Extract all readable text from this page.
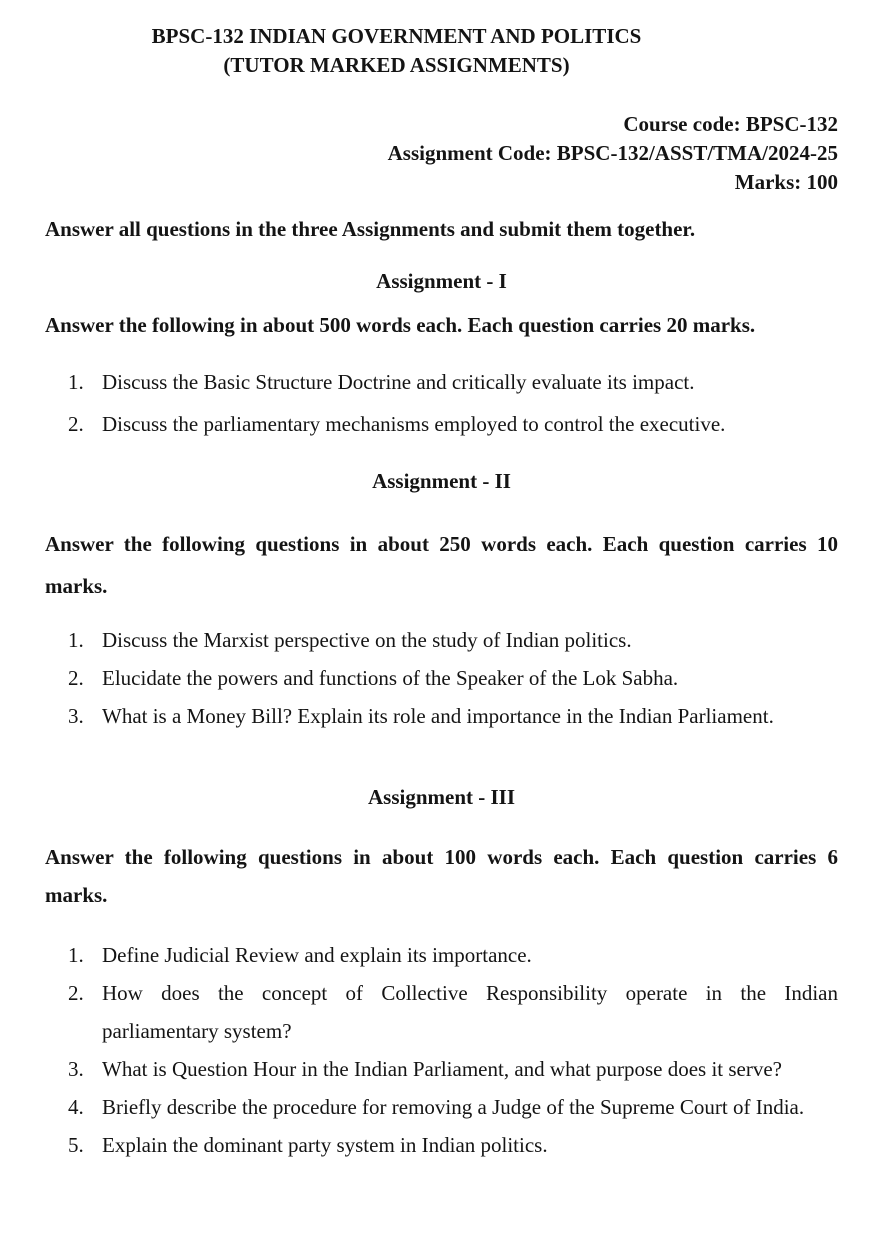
BPSC-132 INDIAN GOVERNMENT AND POLITICS
(TUTOR MARKED ASSIGNMENTS)
Course code: BPSC-132
Assignment Code: BPSC-132/ASST/TMA/2024-25
Marks: 100
Answer all questions in the three Assignments and submit them together.
Assignment - I
Answer the following in about 500 words each. Each question carries 20 marks.
1. Discuss the Basic Structure Doctrine and critically evaluate its impact.
2. Discuss the parliamentary mechanisms employed to control the executive.
Assignment - II
Answer the following questions in about 250 words each. Each question carries 10
marks.
1. Discuss the Marxist perspective on the study of Indian politics.
2. Elucidate the powers and functions of the Speaker of the Lok Sabha.
3. What is a Money Bill? Explain its role and importance in the Indian Parliament.
Assignment - III
Answer the following questions in about 100 words each. Each question carries 6
marks.
1. Define Judicial Review and explain its importance.
2. How does the concept of Collective Responsibility operate in the Indian
parliamentary system?
3. What is Question Hour in the Indian Parliament, and what purpose does it serve?
4. Briefly describe the procedure for removing a Judge of the Supreme Court of India.
5. Explain the dominant party system in Indian politics.
